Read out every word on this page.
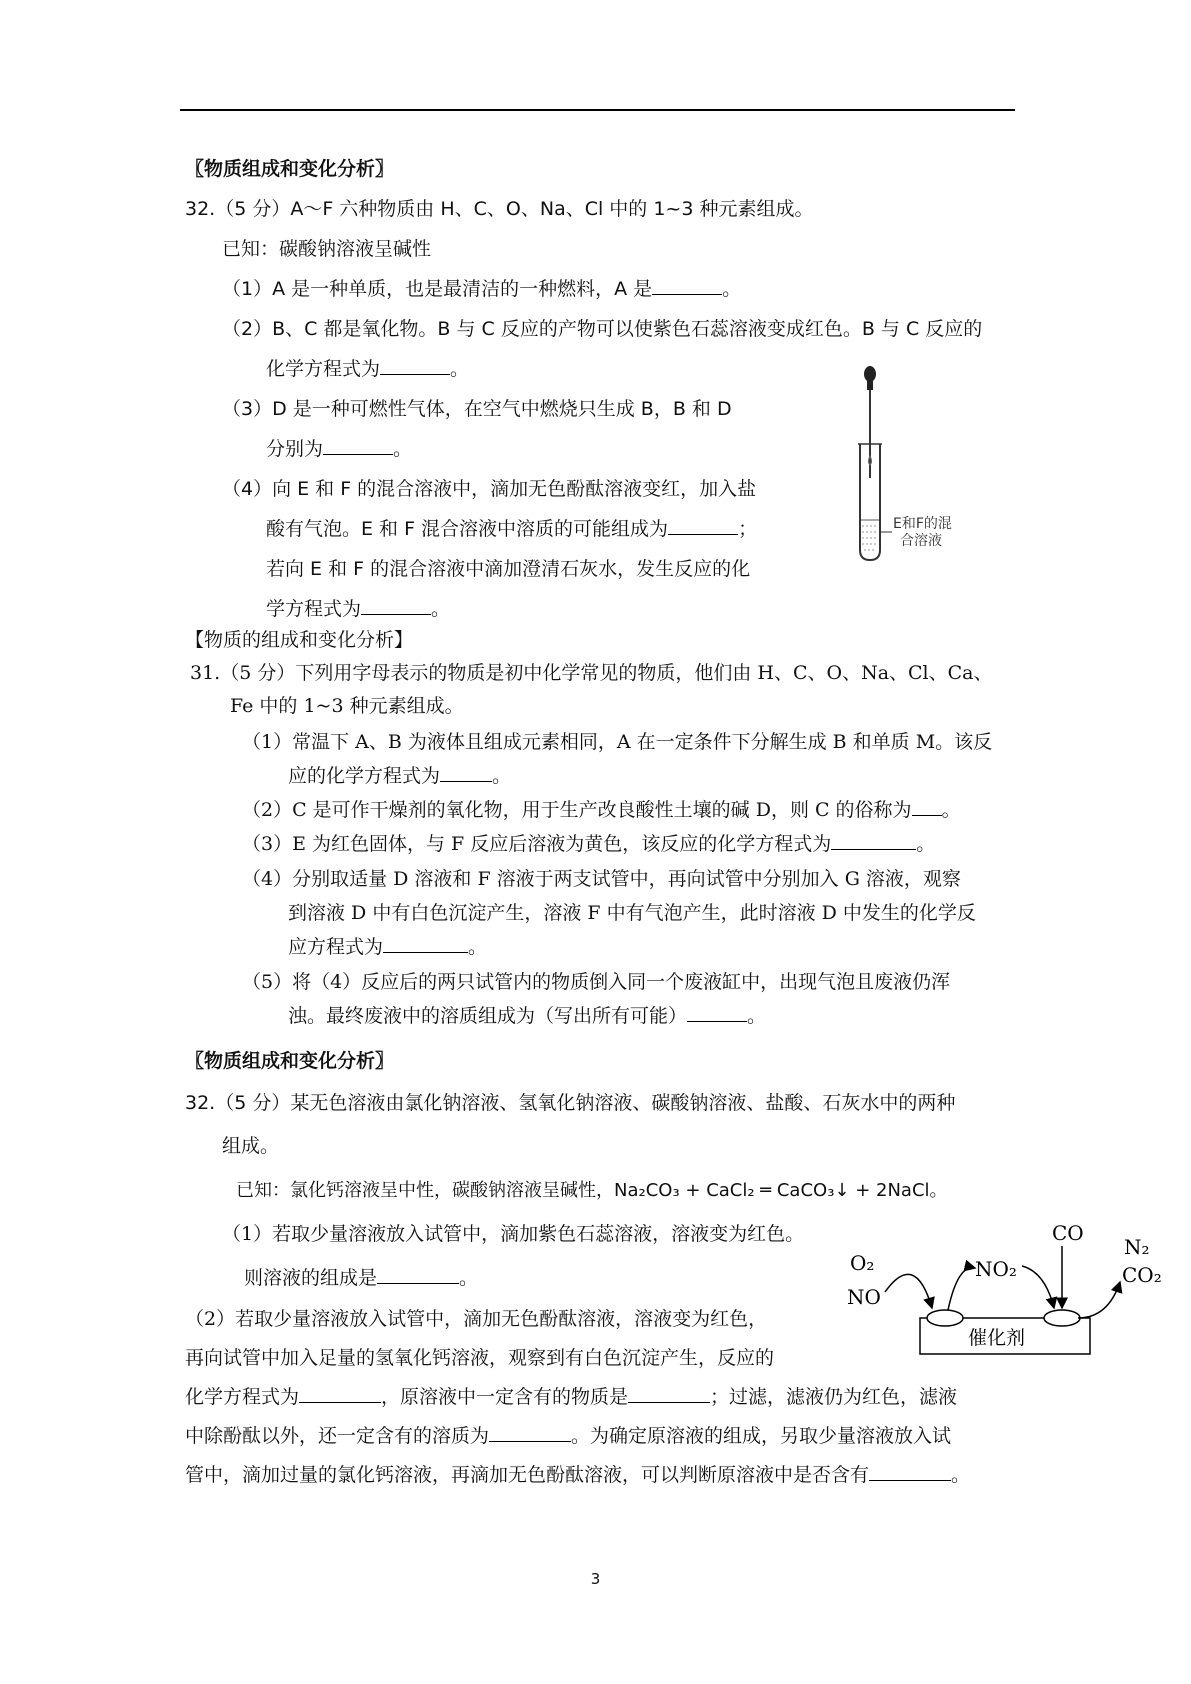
〖物质组成和变化分析〗
32.（5 分）A～F 六种物质由 H、C、O、Na、Cl 中的 1~3 种元素组成。
已知：碳酸钠溶液呈碱性
（1）A 是一种单质，也是最清洁的一种燃料，A 是	。
（2）B、C 都是氧化物。B 与 C 反应的产物可以使紫色石蕊溶液变成红色。B 与 C 反应的
化学方程式为	。
（3）D 是一种可燃性气体，在空气中燃烧只生成 B，B 和 D
分别为	。
（4）向 E 和 F 的混合溶液中，滴加无色酚酞溶液变红，加入盐
酸有气泡。E 和 F 混合溶液中溶质的可能组成为	；
若向 E 和 F 的混合溶液中滴加澄清石灰水，发生反应的化
学方程式为	。
E和F的混
合溶液
【物质的组成和变化分析】
31.（5 分）下列用字母表示的物质是初中化学常见的物质，他们由 H、C、O、Na、Cl、Ca、
Fe 中的 1~3 种元素组成。
（1）常温下 A、B 为液体且组成元素相同，A 在一定条件下分解生成 B 和单质 M。该反
应的化学方程式为	。
（2）C 是可作干燥剂的氧化物，用于生产改良酸性土壤的碱 D，则 C 的俗称为 。
（3）E 为红色固体，与 F 反应后溶液为黄色，该反应的化学方程式为	。
（4）分别取适量 D 溶液和 F 溶液于两支试管中，再向试管中分别加入 G 溶液，观察
到溶液 D 中有白色沉淀产生，溶液 F 中有气泡产生，此时溶液 D 中发生的化学反
应方程式为	。
（5）将（4）反应后的两只试管内的物质倒入同一个废液缸中，出现气泡且废液仍浑
浊。最终废液中的溶质组成为（写出所有可能）	。
〖物质组成和变化分析〗
32.（5 分）某无色溶液由氯化钠溶液、氢氧化钠溶液、碳酸钠溶液、盐酸、石灰水中的两种
组成。
已知：氯化钙溶液呈中性，碳酸钠溶液呈碱性，Na₂CO₃ + CaCl₂ ═ CaCO₃↓ + 2NaCl。
（1）若取少量溶液放入试管中，滴加紫色石蕊溶液，溶液变为红色。
则溶液的组成是	。
（2）若取少量溶液放入试管中，滴加无色酚酞溶液，溶液变为红色，
再向试管中加入足量的氢氧化钙溶液，观察到有白色沉淀产生，反应的
化学方程式为	，原溶液中一定含有的物质是	；过滤，滤液仍为红色，滤液
中除酚酞以外，还一定含有的溶质为	。为确定原溶液的组成，另取少量溶液放入试
管中，滴加过量的氯化钙溶液，再滴加无色酚酞溶液，可以判断原溶液中是否含有	。
O₂
NO
NO₂
CO
N₂
CO₂
催化剂
3
